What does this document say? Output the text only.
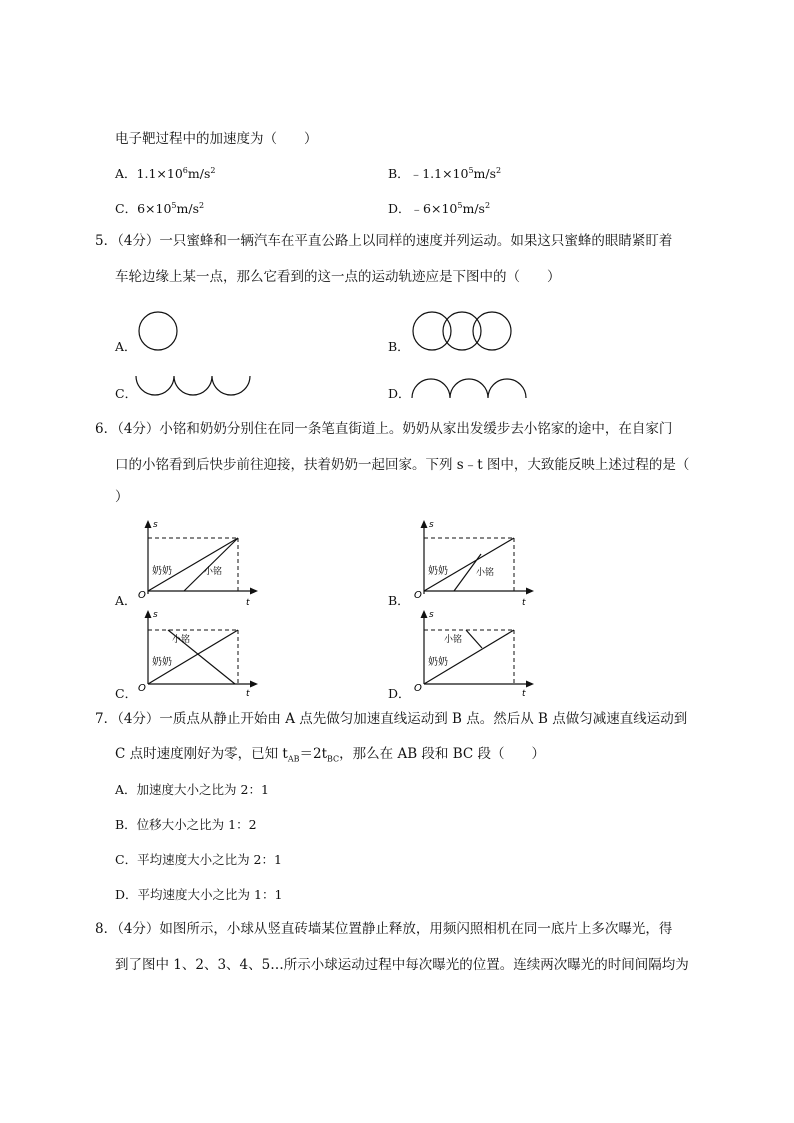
电子靶过程中的加速度为（　　）
A．$1.1\times 10^6m/s^2$	B．$﹣1.1\times 10^5m/s^2$
C．$6\times 10^5m/s^2$	D．$﹣6\times 10^5m/s^2$
5．（4分）一只蜜蜂和一辆汽车在平直公路上以同样的速度并列运动。如果这只蜜蜂的眼睛紧盯着
车轮边缘上某一点，那么它看到的这一点的运动轨迹应是下图中的（　　）
A．	B．
C．	D．
6．（4分）小铭和奶奶分别住在同一条笔直街道上。奶奶从家出发缓步去小铭家的途中，在自家门
口的小铭看到后快步前往迎接，扶着奶奶一起回家。下列 s﹣t 图中，大致能反映上述过程的是（
）
A．
s
t
O
奶奶	小铭
B．
s
t
O
奶奶	小铭
C．
s
t
O
奶奶
小铭
D．
s
t
O
奶奶
小铭
7．（4分）一质点从静止开始由 A 点先做匀加速直线运动到 B 点。然后从 B 点做匀减速直线运动到
C 点时速度刚好为零，已知 $t_{AB}=2t_{BC}$，那么在 AB 段和 BC 段（　　）
A．加速度大小之比为 2：1
B．位移大小之比为 1：2
C．平均速度大小之比为 2：1
D．平均速度大小之比为 1：1
8．（4分）如图所示，小球从竖直砖墙某位置静止释放，用频闪照相机在同一底片上多次曝光，得
到了图中 1、2、3、4、5…所示小球运动过程中每次曝光的位置。连续两次曝光的时间间隔均为
